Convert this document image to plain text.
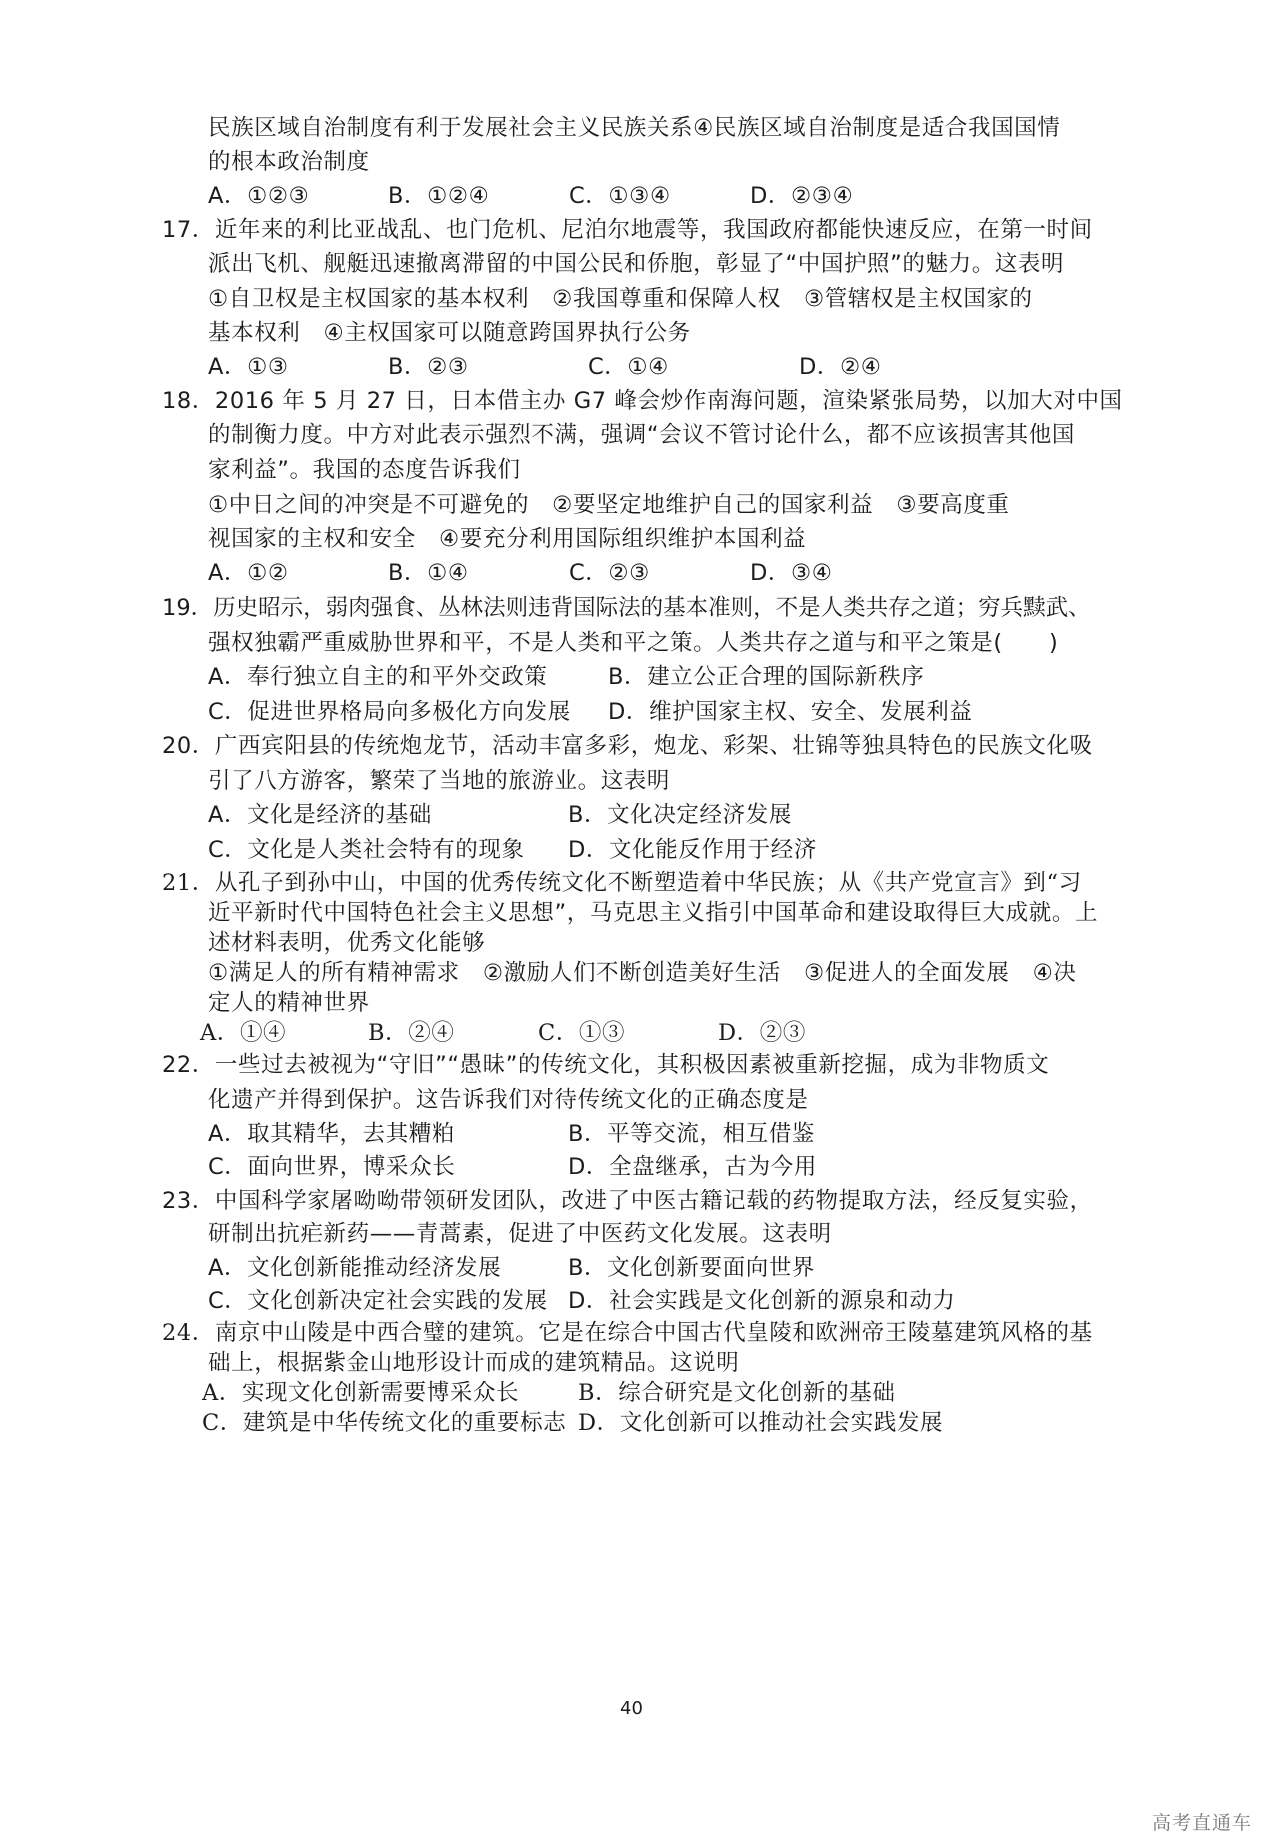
民族区域自治制度有利于发展社会主义民族关系④民族区域自治制度是适合我国国情
的根本政治制度
A．①②③	B．①②④	C．①③④	D．②③④
17．近年来的利比亚战乱、也门危机、尼泊尔地震等，我国政府都能快速反应，在第一时间
派出飞机、舰艇迅速撤离滞留的中国公民和侨胞，彰显了“中国护照”的魅力。这表明
①自卫权是主权国家的基本权利　②我国尊重和保障人权　③管辖权是主权国家的
基本权利　④主权国家可以随意跨国界执行公务
A．①③	B．②③	C．①④	D．②④
18．2016 年 5 月 27 日，日本借主办 G7 峰会炒作南海问题，渲染紧张局势，以加大对中国
的制衡力度。中方对此表示强烈不满，强调“会议不管讨论什么，都不应该损害其他国
家利益”。我国的态度告诉我们
①中日之间的冲突是不可避免的　②要坚定地维护自己的国家利益　③要高度重
视国家的主权和安全　④要充分利用国际组织维护本国利益
A．①②	B．①④	C．②③	D．③④
19．历史昭示，弱肉强食、丛林法则违背国际法的基本准则，不是人类共存之道；穷兵黩武、
强权独霸严重威胁世界和平，不是人类和平之策。人类共存之道与和平之策是(　　)
A．奉行独立自主的和平外交政策	B．建立公正合理的国际新秩序
C．促进世界格局向多极化方向发展 D．维护国家主权、安全、发展利益
20．广西宾阳县的传统炮龙节，活动丰富多彩，炮龙、彩架、壮锦等独具特色的民族文化吸
引了八方游客，繁荣了当地的旅游业。这表明
A．文化是经济的基础	B．文化决定经济发展
C．文化是人类社会特有的现象 D．文化能反作用于经济
21．从孔子到孙中山，中国的优秀传统文化不断塑造着中华民族；从《共产党宣言》到“习
近平新时代中国特色社会主义思想”，马克思主义指引中国革命和建设取得巨大成就。上
述材料表明，优秀文化能够
①满足人的所有精神需求　②激励人们不断创造美好生活　③促进人的全面发展　④决
定人的精神世界
A．①④	B．②④	C．①③	D．②③
22．一些过去被视为“守旧”“愚昧”的传统文化，其积极因素被重新挖掘，成为非物质文
化遗产并得到保护。这告诉我们对待传统文化的正确态度是
A．取其精华，去其糟粕	B．平等交流，相互借鉴
C．面向世界，博采众长	D．全盘继承，古为今用
23．中国科学家屠呦呦带领研发团队，改进了中医古籍记载的药物提取方法，经反复实验，
研制出抗疟新药——青蒿素，促进了中医药文化发展。这表明
A．文化创新能推动经济发展	B．文化创新要面向世界
C．文化创新决定社会实践的发展 D．社会实践是文化创新的源泉和动力
24．南京中山陵是中西合璧的建筑。它是在综合中国古代皇陵和欧洲帝王陵墓建筑风格的基
础上，根据紫金山地形设计而成的建筑精品。这说明
A．实现文化创新需要博采众长	B．综合研究是文化创新的基础
C．建筑是中华传统文化的重要标志 D．文化创新可以推动社会实践发展
40
高考直通车
